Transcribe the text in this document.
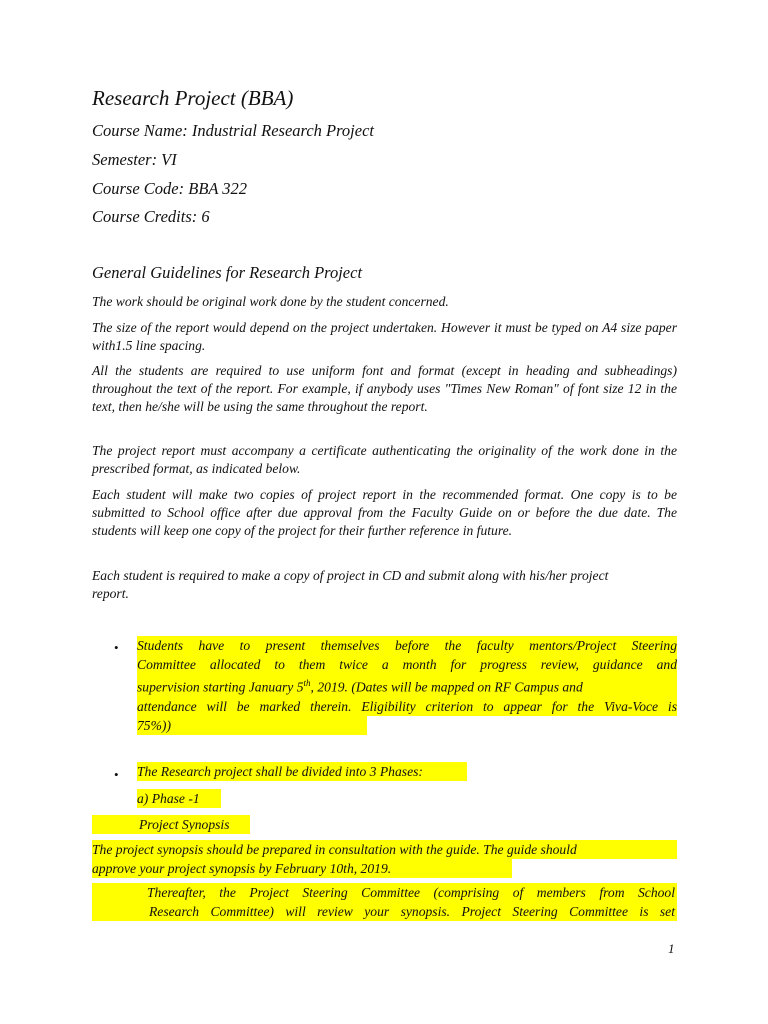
Research Project (BBA)

Course Name: Industrial Research Project

Semester: VI

Course Code: BBA 322

Course Credits: 6

General Guidelines for Research Project

The work should be original work done by the student concerned.

The size of the report would depend on the project undertaken. However it must be typed on A4 size paper with1.5 line spacing.

All the students are required to use uniform font and format (except in heading and subheadings) throughout the text of the report. For example, if anybody uses "Times New Roman" of font size 12 in the text, then he/she will be using the same throughout the report.

The project report must accompany a certificate authenticating the originality of the work done in the prescribed format, as indicated below.

Each student will make two copies of project report in the recommended format. One copy is to be submitted to School office after due approval from the Faculty Guide on or before the due date. The students will keep one copy of the project for their further reference in future.

Each student is required to make a copy of project in CD and submit along with his/her project report.

• Students have to present themselves before the faculty mentors/Project Steering
Committee allocated to them twice a month for progress review, guidance and
supervision starting January 5th, 2019. (Dates will be mapped on RF Campus and
attendance will be marked therein. Eligibility criterion to appear for the Viva-Voce is
75%))
• The Research project shall be divided into 3 Phases:
a) Phase -1
Project Synopsis
The project synopsis should be prepared in consultation with the guide. The guide should
approve your project synopsis by February 10th, 2019.
Thereafter, the Project Steering Committee (comprising of members from School
Research Committee) will review your synopsis. Project Steering Committee is set

1
